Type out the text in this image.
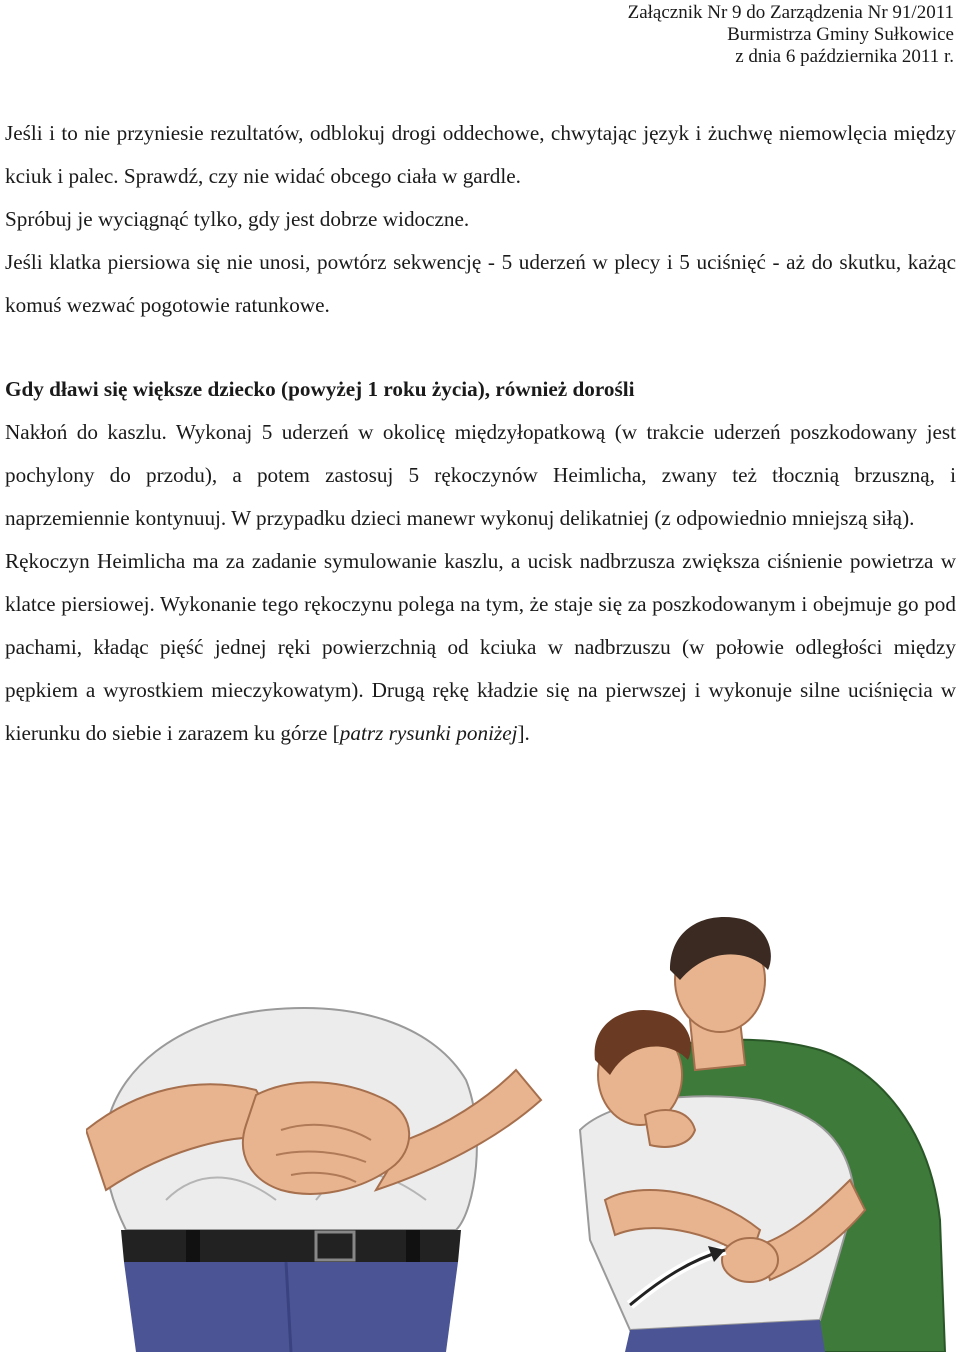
Załącznik Nr 9 do Zarządzenia Nr 91/2011
Burmistrza Gminy Sułkowice
z dnia 6 października 2011 r.

Jeśli i to nie przyniesie rezultatów, odblokuj drogi oddechowe, chwytając język i żuchwę niemowlęcia między kciuk i palec. Sprawdź, czy nie widać obcego ciała w gardle.

Spróbuj je wyciągnąć tylko, gdy jest dobrze widoczne.

Jeśli klatka piersiowa się nie unosi, powtórz sekwencję - 5 uderzeń w plecy i 5 uciśnięć - aż do skutku, każąc komuś wezwać pogotowie ratunkowe.

Gdy dławi się większe dziecko (powyżej 1 roku życia), również dorośli

Nakłoń do kaszlu. Wykonaj 5 uderzeń w okolicę międzyłopatkową (w trakcie uderzeń poszkodowany jest pochylony do przodu), a potem zastosuj 5 rękoczynów Heimlicha, zwany też tłocznią brzuszną, i naprzemiennie kontynuuj. W przypadku dzieci manewr wykonuj delikatniej (z odpowiednio mniejszą siłą).

Rękoczyn Heimlicha ma za zadanie symulowanie kaszlu, a ucisk nadbrzusza zwiększa ciśnienie powietrza w klatce piersiowej. Wykonanie tego rękoczynu polega na tym, że staje się za poszkodowanym i obejmuje go pod pachami, kładąc pięść jednej ręki powierzchnią od kciuka w nadbrzuszu (w połowie odległości między pępkiem a wyrostkiem mieczykowatym). Drugą rękę kładzie się na pierwszej i wykonuje silne uciśnięcia w kierunku do siebie i zarazem ku górze [patrz rysunki poniżej].
